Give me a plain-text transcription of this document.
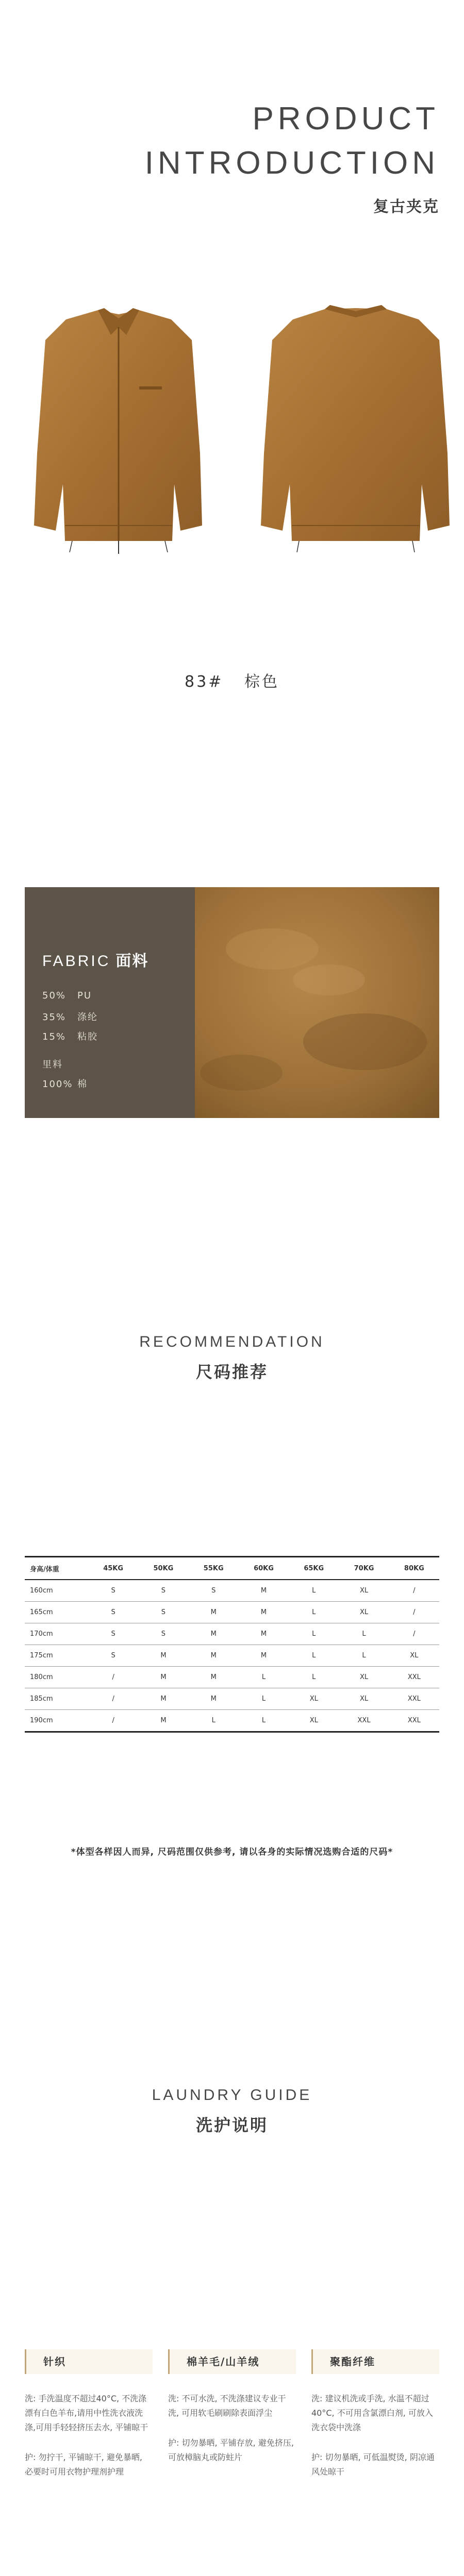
PRODUCT
INTRODUCTION
复古夹克
83# 棕色
FABRIC 面料
50% PU
35% 涤纶
15% 粘胶
里料
100% 棉
RECOMMENDATION
尺码推荐
身高/体重	45KG	50KG	55KG	60KG	65KG	70KG	80KG
160cm	S	S	S	M	L	XL	/
165cm	S	S	M	M	L	XL	/
170cm	S	S	M	M	L	L	/
175cm	S	M	M	M	L	L	XL
180cm	/	M	M	L	L	XL	XXL
185cm	/	M	M	L	XL	XL	XXL
190cm	/	M	L	L	XL	XXL	XXL
*体型各样因人而异, 尺码范围仅供参考, 请以各身的实际情况选购合适的尺码*
LAUNDRY GUIDE
洗护说明
针织
洗: 手洗温度不超过40°C, 不洗涤漂有白色羊布,请用中性洗衣液洗涤,可用手轻轻挤压去水, 平铺晾干
护: 勿拧干, 平铺晾干, 避免暴晒, 必要时可用衣物护理剂护理
棉羊毛/山羊绒
洗: 不可水洗, 不洗涤建议专业干洗, 可用软毛刷刷除表面浮尘
护: 切勿暴晒, 平铺存放, 避免挤压, 可放樟脑丸或防蛀片
聚酯纤维
洗: 建议机洗或手洗, 水温不超过40°C, 不可用含氯漂白剂, 可放入洗衣袋中洗涤
护: 切勿暴晒, 可低温熨烫, 阴凉通风处晾干
